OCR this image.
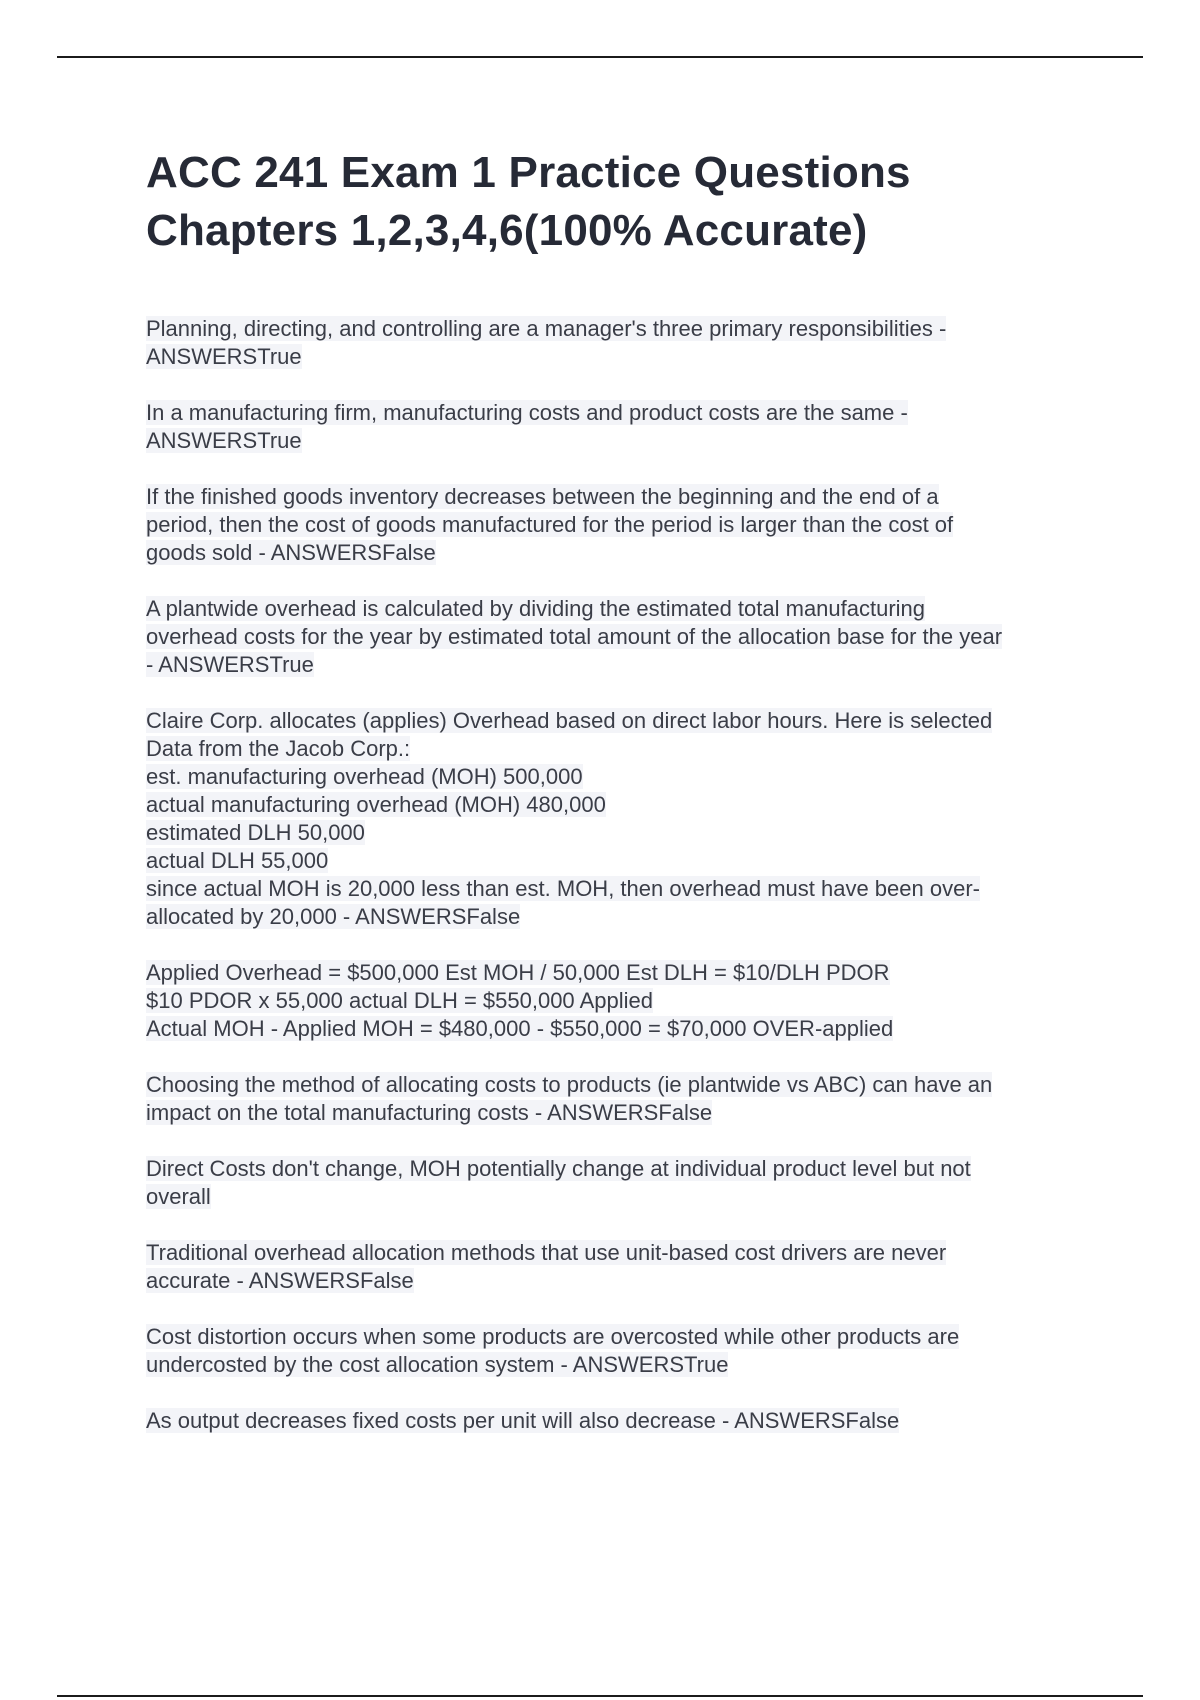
ACC 241 Exam 1 Practice Questions
Chapters 1,2,3,4,6(100% Accurate)

Planning, directing, and controlling are a manager's three primary responsibilities -
ANSWERSTrue

In a manufacturing firm, manufacturing costs and product costs are the same -
ANSWERSTrue

If the finished goods inventory decreases between the beginning and the end of a
period, then the cost of goods manufactured for the period is larger than the cost of
goods sold - ANSWERSFalse

A plantwide overhead is calculated by dividing the estimated total manufacturing
overhead costs for the year by estimated total amount of the allocation base for the year
- ANSWERSTrue

Claire Corp. allocates (applies) Overhead based on direct labor hours. Here is selected
Data from the Jacob Corp.:
est. manufacturing overhead (MOH) 500,000
actual manufacturing overhead (MOH) 480,000
estimated DLH 50,000
actual DLH 55,000
since actual MOH is 20,000 less than est. MOH, then overhead must have been over-
allocated by 20,000 - ANSWERSFalse

Applied Overhead = $500,000 Est MOH / 50,000 Est DLH = $10/DLH PDOR
$10 PDOR x 55,000 actual DLH = $550,000 Applied
Actual MOH - Applied MOH = $480,000 - $550,000 = $70,000 OVER-applied

Choosing the method of allocating costs to products (ie plantwide vs ABC) can have an
impact on the total manufacturing costs - ANSWERSFalse

Direct Costs don't change, MOH potentially change at individual product level but not
overall

Traditional overhead allocation methods that use unit-based cost drivers are never
accurate - ANSWERSFalse

Cost distortion occurs when some products are overcosted while other products are
undercosted by the cost allocation system - ANSWERSTrue

As output decreases fixed costs per unit will also decrease - ANSWERSFalse
